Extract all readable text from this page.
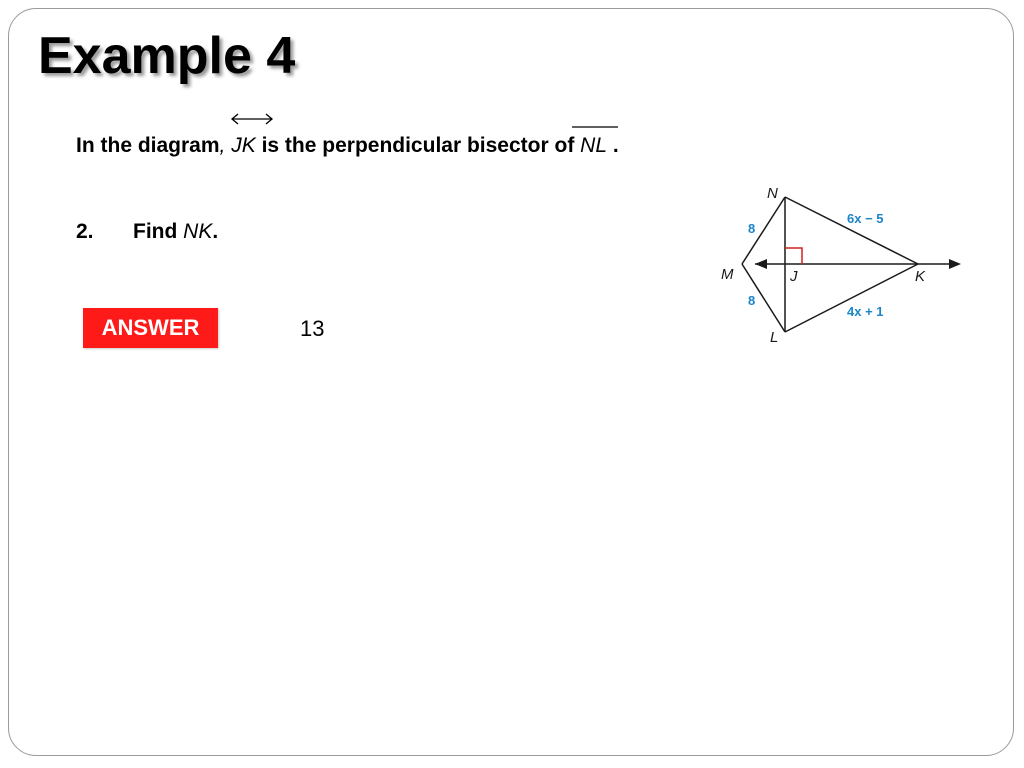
Example 4
In the diagram, JK is the perpendicular bisector of NL .
2. Find NK.
ANSWER	13
N
M	J	K
L
8
8
6x − 5
4x + 1
